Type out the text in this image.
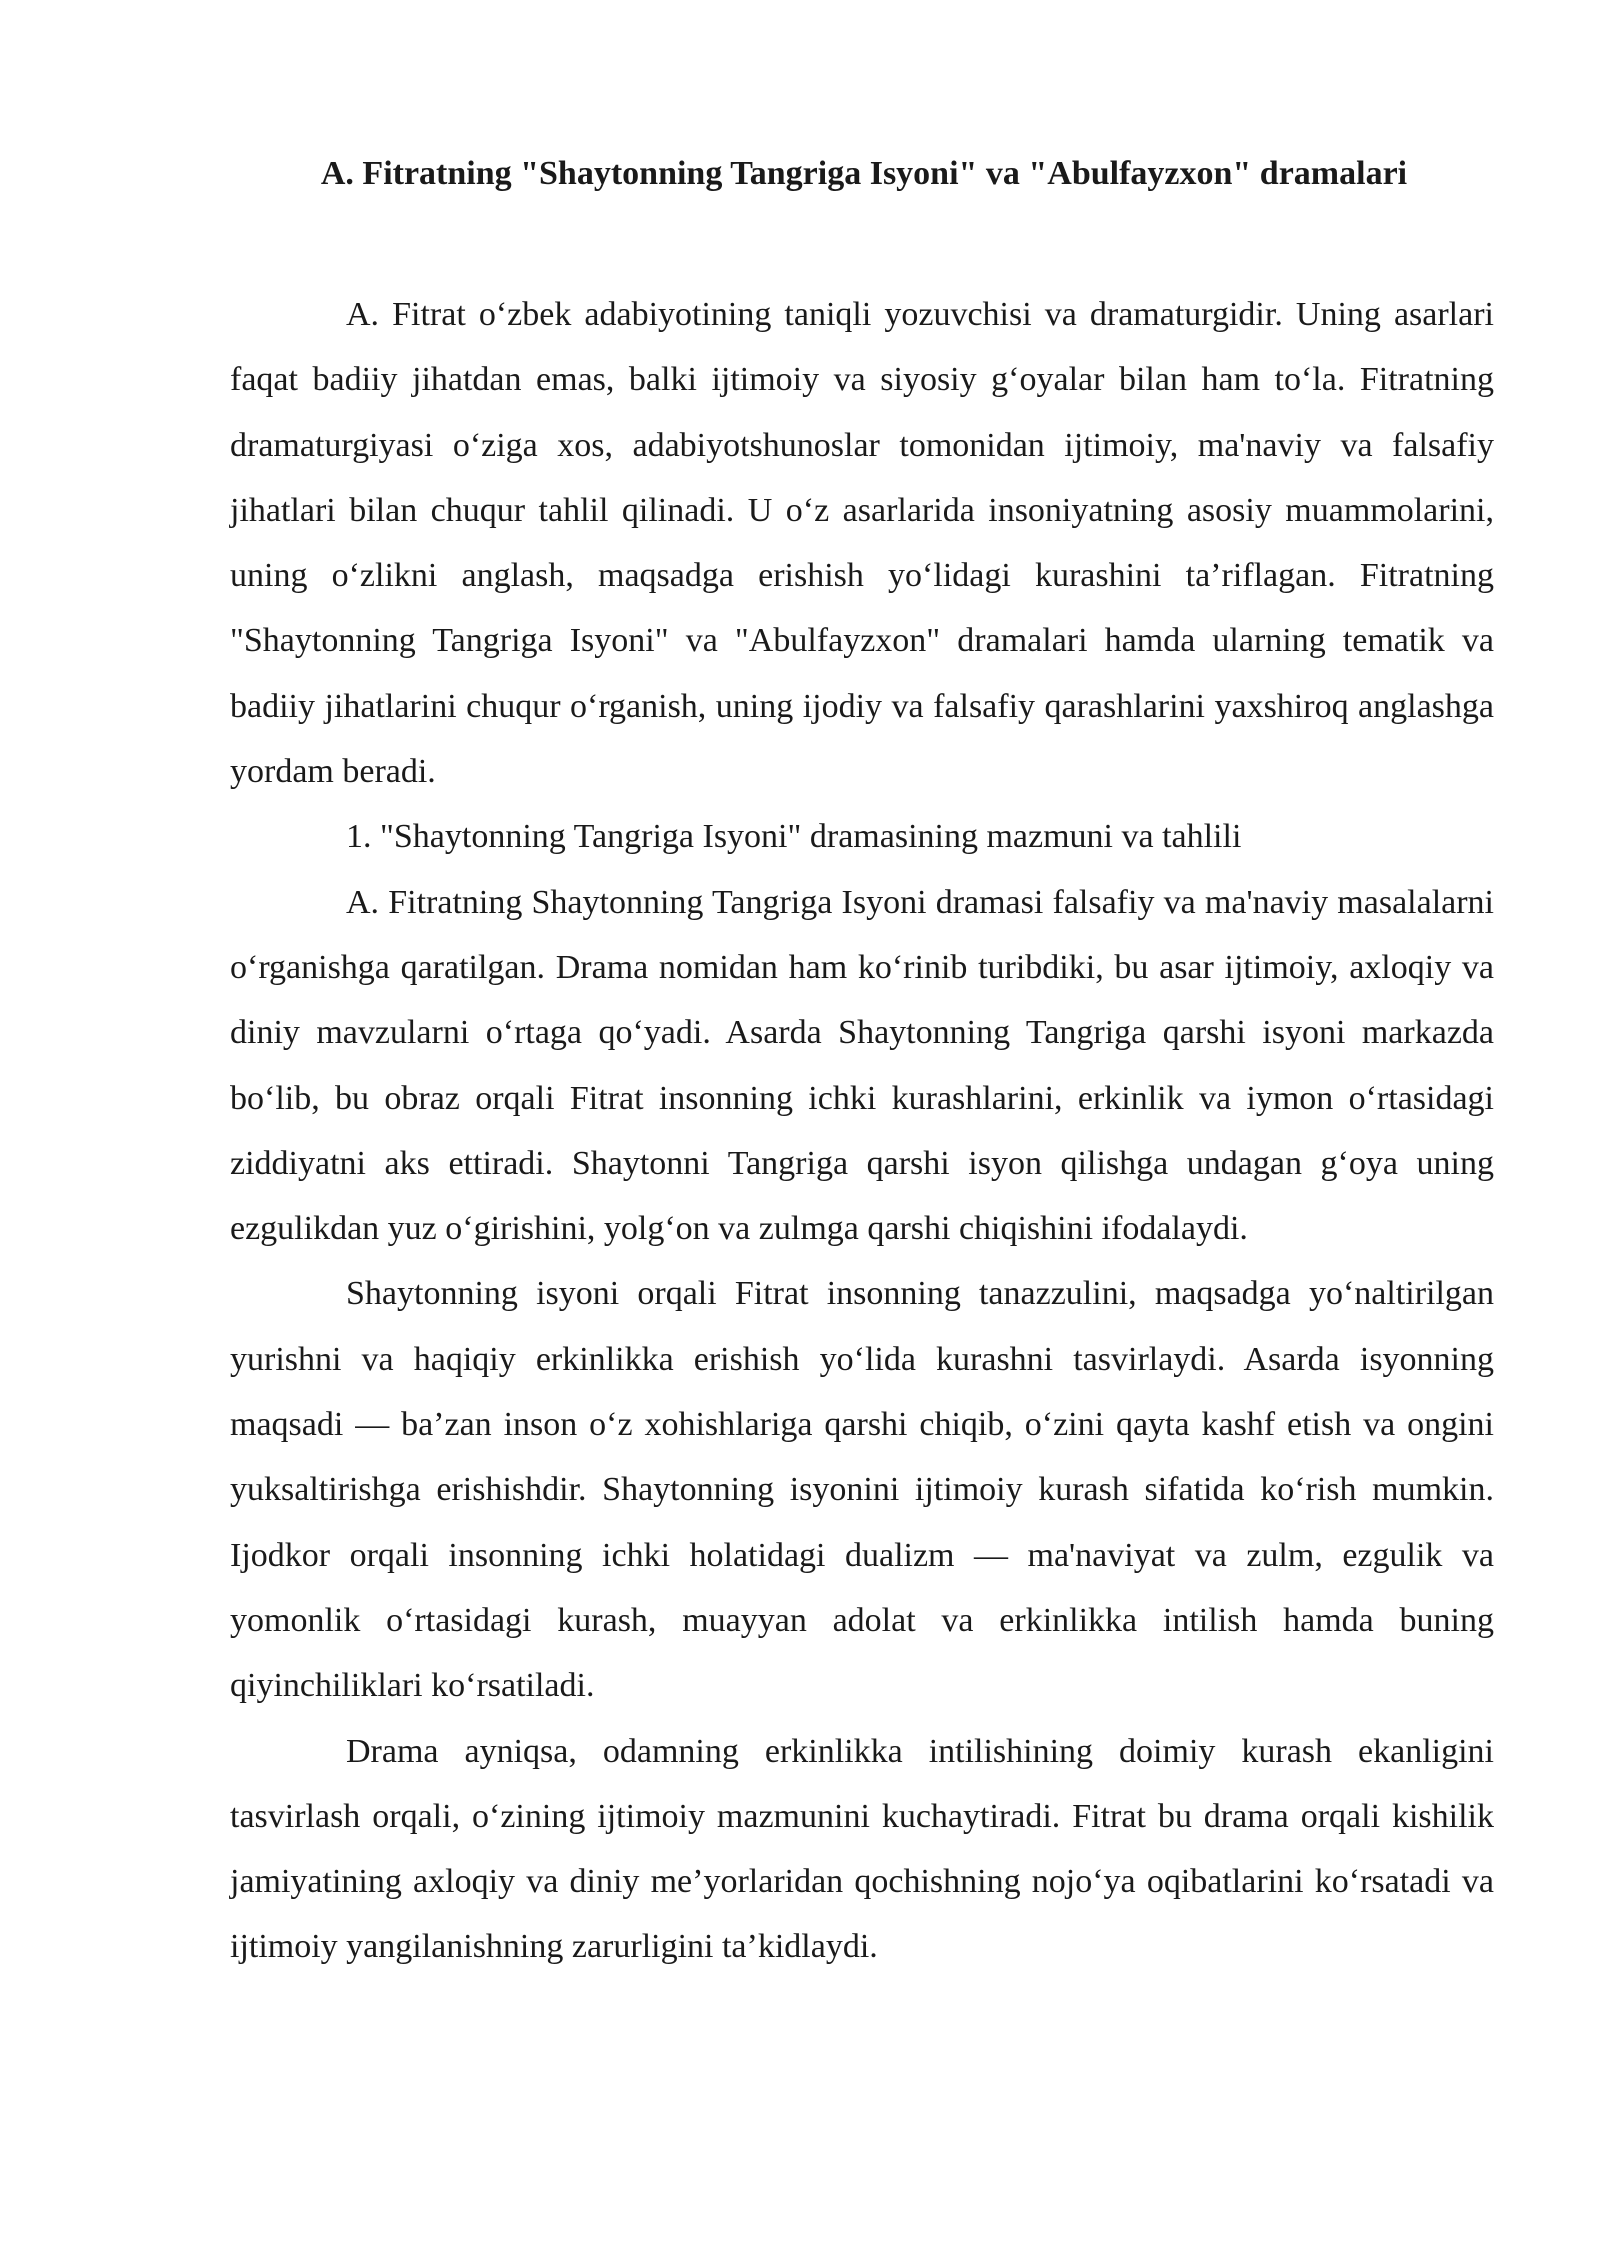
A. Fitratning "Shaytonning Tangriga Isyoni" va "Abulfayzxon" dramalari

A. Fitrat o‘zbek adabiyotining taniqli yozuvchisi va dramaturgidir. Uning asarlari faqat badiiy jihatdan emas, balki ijtimoiy va siyosiy g‘oyalar bilan ham to‘la. Fitratning dramaturgiyasi o‘ziga xos, adabiyotshunoslar tomonidan ijtimoiy, ma'naviy va falsafiy jihatlari bilan chuqur tahlil qilinadi. U o‘z asarlarida insoniyatning asosiy muammolarini, uning o‘zlikni anglash, maqsadga erishish yo‘lidagi kurashini ta’riflagan. Fitratning "Shaytonning Tangriga Isyoni" va "Abulfayzxon" dramalari hamda ularning tematik va badiiy jihatlarini chuqur o‘rganish, uning ijodiy va falsafiy qarashlarini yaxshiroq anglashga yordam beradi.

1. "Shaytonning Tangriga Isyoni" dramasining mazmuni va tahlili

A. Fitratning Shaytonning Tangriga Isyoni dramasi falsafiy va ma'naviy masalalarni o‘rganishga qaratilgan. Drama nomidan ham ko‘rinib turibdiki, bu asar ijtimoiy, axloqiy va diniy mavzularni o‘rtaga qo‘yadi. Asarda Shaytonning Tangriga qarshi isyoni markazda bo‘lib, bu obraz orqali Fitrat insonning ichki kurashlarini, erkinlik va iymon o‘rtasidagi ziddiyatni aks ettiradi. Shaytonni Tangriga qarshi isyon qilishga undagan g‘oya uning ezgulikdan yuz o‘girishini, yolg‘on va zulmga qarshi chiqishini ifodalaydi.

Shaytonning isyoni orqali Fitrat insonning tanazzulini, maqsadga yo‘naltirilgan yurishni va haqiqiy erkinlikka erishish yo‘lida kurashni tasvirlaydi. Asarda isyonning maqsadi — ba’zan inson o‘z xohishlariga qarshi chiqib, o‘zini qayta kashf etish va ongini yuksaltirishga erishishdir. Shaytonning isyonini ijtimoiy kurash sifatida ko‘rish mumkin. Ijodkor orqali insonning ichki holatidagi dualizm — ma'naviyat va zulm, ezgulik va yomonlik o‘rtasidagi kurash, muayyan adolat va erkinlikka intilish hamda buning qiyinchiliklari ko‘rsatiladi.

Drama ayniqsa, odamning erkinlikka intilishining doimiy kurash ekanligini tasvirlash orqali, o‘zining ijtimoiy mazmunini kuchaytiradi. Fitrat bu drama orqali kishilik jamiyatining axloqiy va diniy me’yorlaridan qochishning nojo‘ya oqibatlarini ko‘rsatadi va ijtimoiy yangilanishning zarurligini ta’kidlaydi.
